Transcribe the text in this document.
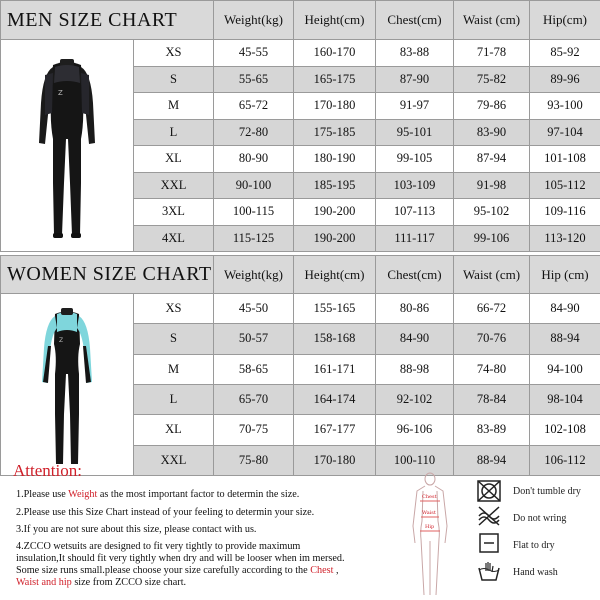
MEN SIZE CHART		Weight(kg)	Height(cm)	Chest(cm)	Waist (cm)	Hip(cm)

Z	XS	45-55	160-170	83-88	71-78	85-92
	S	55-65	165-175	87-90	75-82	89-96
	M	65-72	170-180	91-97	79-86	93-100
	L	72-80	175-185	95-101	83-90	97-104
	XL	80-90	180-190	99-105	87-94	101-108
	XXL	90-100	185-195	103-109	91-98	105-112
	3XL	100-115	190-200	107-113	95-102	109-116
	4XL	115-125	190-200	111-117	99-106	113-120
WOMEN SIZE CHART		Weight(kg)	Height(cm)	Chest(cm)	Waist (cm)	Hip (cm)

Z	XS	45-50	155-165	80-86	66-72	84-90
	S	50-57	158-168	84-90	70-76	88-94
	M	58-65	161-171	88-98	74-80	94-100
	L	65-70	164-174	92-102	78-84	98-104
	XL	70-75	167-177	96-106	83-89	102-108
	XXL	75-80	170-180	100-110	88-94	106-112
Attention:
1.Please use Weight as the most important factor to determin the size.
2.Please use this Size Chart instead of your feeling to determin your size.
3.If you are not sure about this size, please contact with us.
4.ZCCO wetsuits are designed to fit very tightly to provide maximum
insulation,It should fit very tightly when dry and will be looser when im mersed.
Some size runs small.please choose your size carefully according to the Chest ,
Waist and hip size from ZCCO size chart.
Chest
Waist
Hip
Don't tumble dry
Do not wring
Flat to dry
Hand wash
